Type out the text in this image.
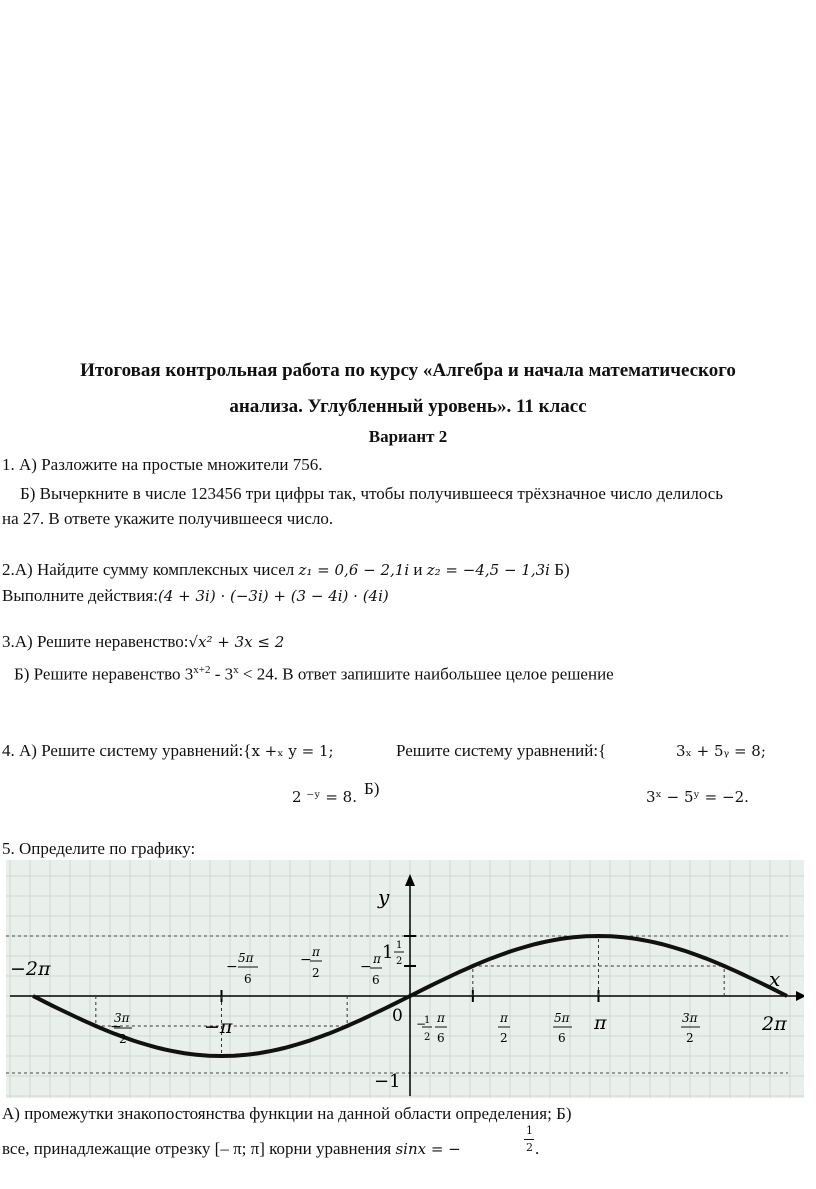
Итоговая контрольная работа по курсу «Алгебра и начала математического
анализа. Углубленный уровень». 11 класс
Вариант 2
1. А) Разложите на простые множители 756.
Б) Вычеркните в числе 123456 три цифры так, чтобы получившееся трёхзначное число делилось
на 27. В ответе укажите получившееся число.
2.А) Найдите сумму комплексных чисел z₁ = 0,6 − 2,1i и z₂ = −4,5 − 1,3i Б)
Выполните действия:(4 + 3i) · (−3i) + (3 − 4i) · (4i)
3.А) Решите неравенство:√x² + 3x ≤ 2
Б) Решите неравенство $3^{x+2} - 3^x < 24$. В ответ запишите наибольшее целое решение
4. А) Решите систему уравнений:{x +ₓ y = 1;	Решите систему уравнений:{	3ₓ + 5ᵧ = 8;
2 ⁻ʸ = 8. Б)	3ˣ − 5ʸ = −2.
5. Определите по графику:
y
x
1
−1
0
−2π
−π	π	2π
1
2
−
1
2
−
3π
2
−
5π
6
− π
2	− π
6
π
6
π
2
5π
6
3π
2
А) промежутки знакопостоянства функции на данной области определения; Б)
все, принадлежащие отрезку [– π; π] корни уравнения sinx = −
1
2 .
